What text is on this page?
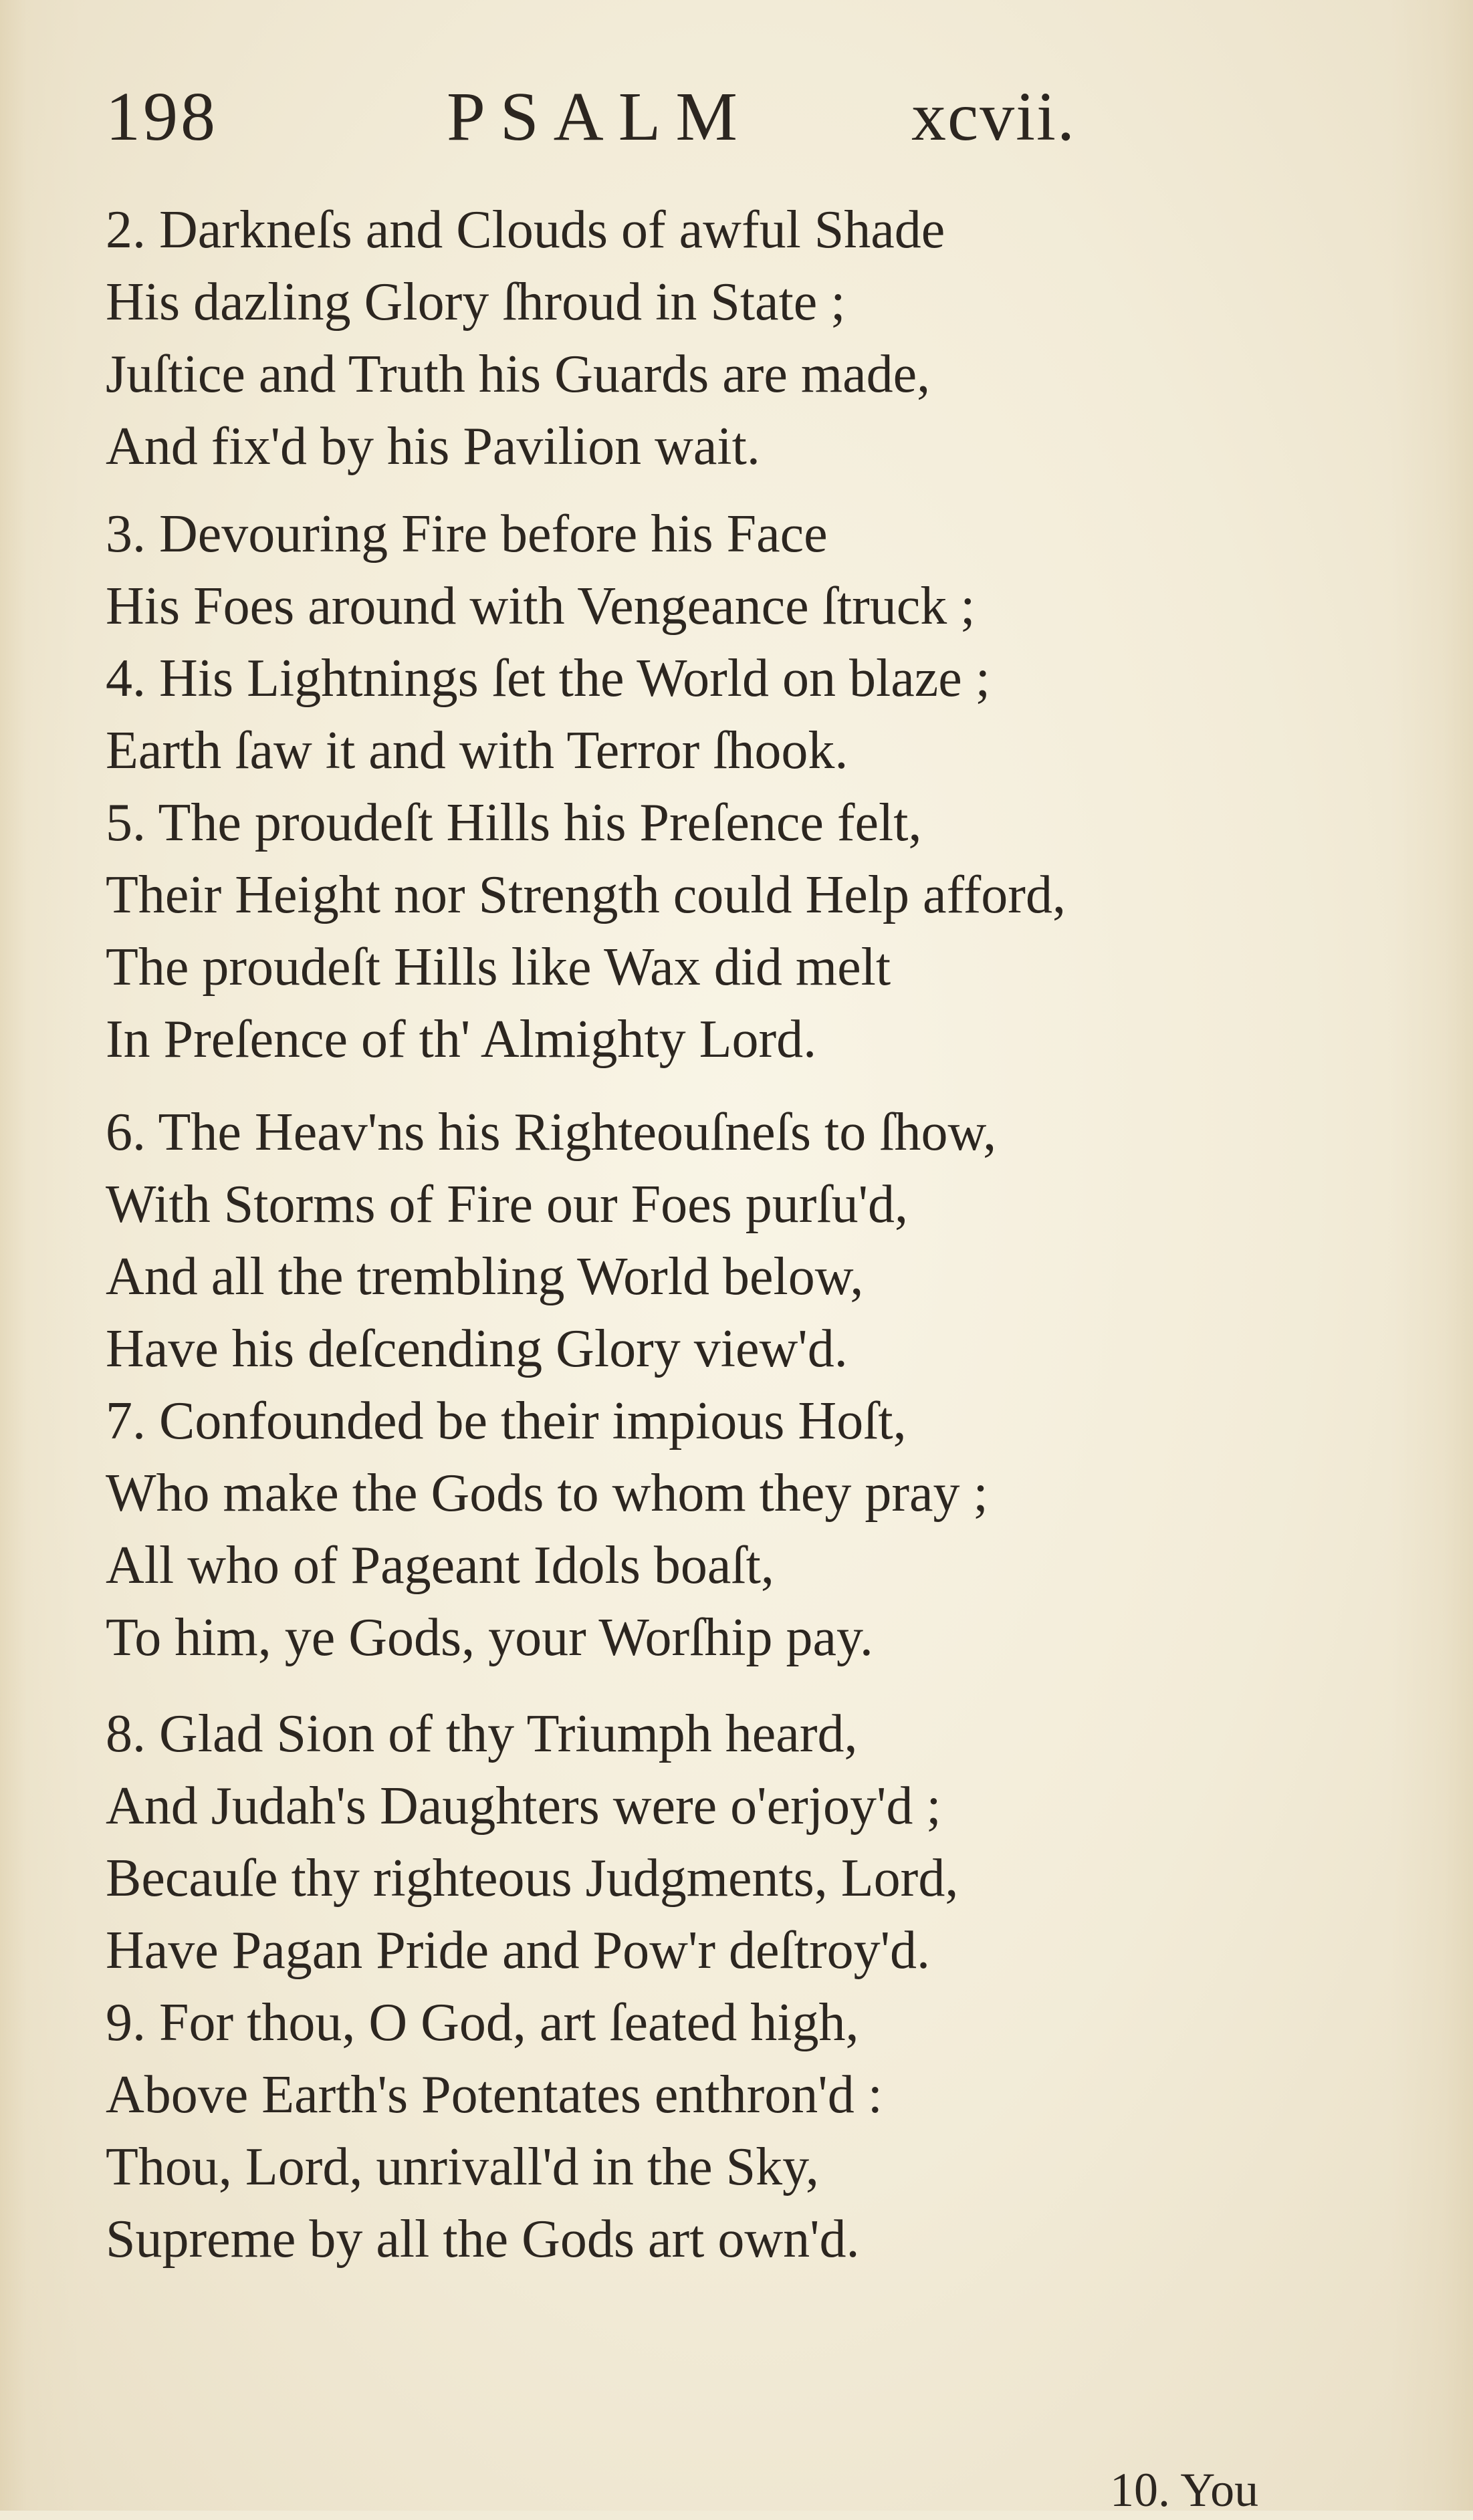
198	PSALM xcvii.
2. Darkneſs and Clouds of awful Shade
His dazling Glory ſhroud in State ;
Juſtice and Truth his Guards are made,
And fix'd by his Pavilion wait.
3. Devouring Fire before his Face
His Foes around with Vengeance ſtruck ;
4. His Lightnings ſet the World on blaze ;
Earth ſaw it and with Terror ſhook.
5. The proudeſt Hills his Preſence felt,
Their Height nor Strength could Help afford,
The proudeſt Hills like Wax did melt
In Preſence of th' Almighty Lord.
6. The Heav'ns his Righteouſneſs to ſhow,
With Storms of Fire our Foes purſu'd,
And all the trembling World below,
Have his deſcending Glory view'd.
7. Confounded be their impious Hoſt,
Who make the Gods to whom they pray ;
All who of Pageant Idols boaſt,
To him, ye Gods, your Worſhip pay.
8. Glad Sion of thy Triumph heard,
And Judah's Daughters were o'erjoy'd ;
Becauſe thy righteous Judgments, Lord,
Have Pagan Pride and Pow'r deſtroy'd.
9. For thou, O God, art ſeated high,
Above Earth's Potentates enthron'd :
Thou, Lord, unrivall'd in the Sky,
Supreme by all the Gods art own'd.
10. You
